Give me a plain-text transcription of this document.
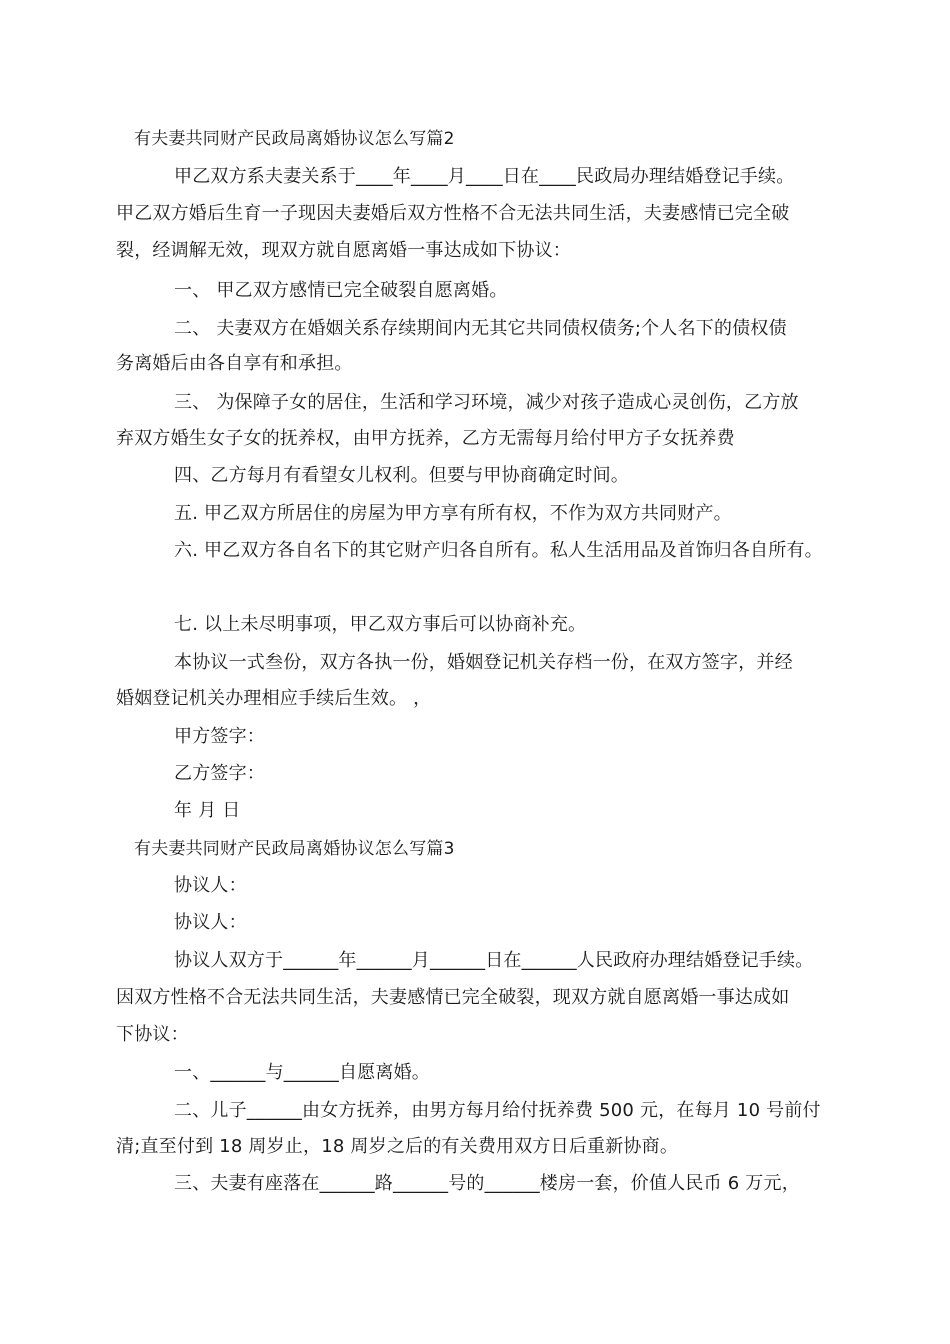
有夫妻共同财产民政局离婚协议怎么写篇2
甲乙双方系夫妻关系于____年____月____日在____民政局办理结婚登记手续。
甲乙双方婚后生育一子现因夫妻婚后双方性格不合无法共同生活，夫妻感情已完全破
裂，经调解无效，现双方就自愿离婚一事达成如下协议：
一、 甲乙双方感情已完全破裂自愿离婚。
二、 夫妻双方在婚姻关系存续期间内无其它共同债权债务;个人名下的债权债
务离婚后由各自享有和承担。
三、 为保障子女的居住，生活和学习环境，减少对孩子造成心灵创伤，乙方放
弃双方婚生女子女的抚养权，由甲方抚养，乙方无需每月给付甲方子女抚养费
四、乙方每月有看望女儿权利。但要与甲协商确定时间。
五. 甲乙双方所居住的房屋为甲方享有所有权，不作为双方共同财产。
六. 甲乙双方各自名下的其它财产归各自所有。私人生活用品及首饰归各自所有。
七. 以上未尽明事项，甲乙双方事后可以协商补充。
本协议一式叁份，双方各执一份，婚姻登记机关存档一份，在双方签字，并经
婚姻登记机关办理相应手续后生效。 ，
甲方签字：
乙方签字：
年 月 日
有夫妻共同财产民政局离婚协议怎么写篇3
协议人：
协议人：
协议人双方于______年______月______日在______人民政府办理结婚登记手续。
因双方性格不合无法共同生活，夫妻感情已完全破裂，现双方就自愿离婚一事达成如
下协议：
一、______与______自愿离婚。
二、儿子______由女方抚养，由男方每月给付抚养费 500 元，在每月 10 号前付
清;直至付到 18 周岁止，18 周岁之后的有关费用双方日后重新协商。
三、夫妻有座落在______路______号的______楼房一套，价值人民币 6 万元，
